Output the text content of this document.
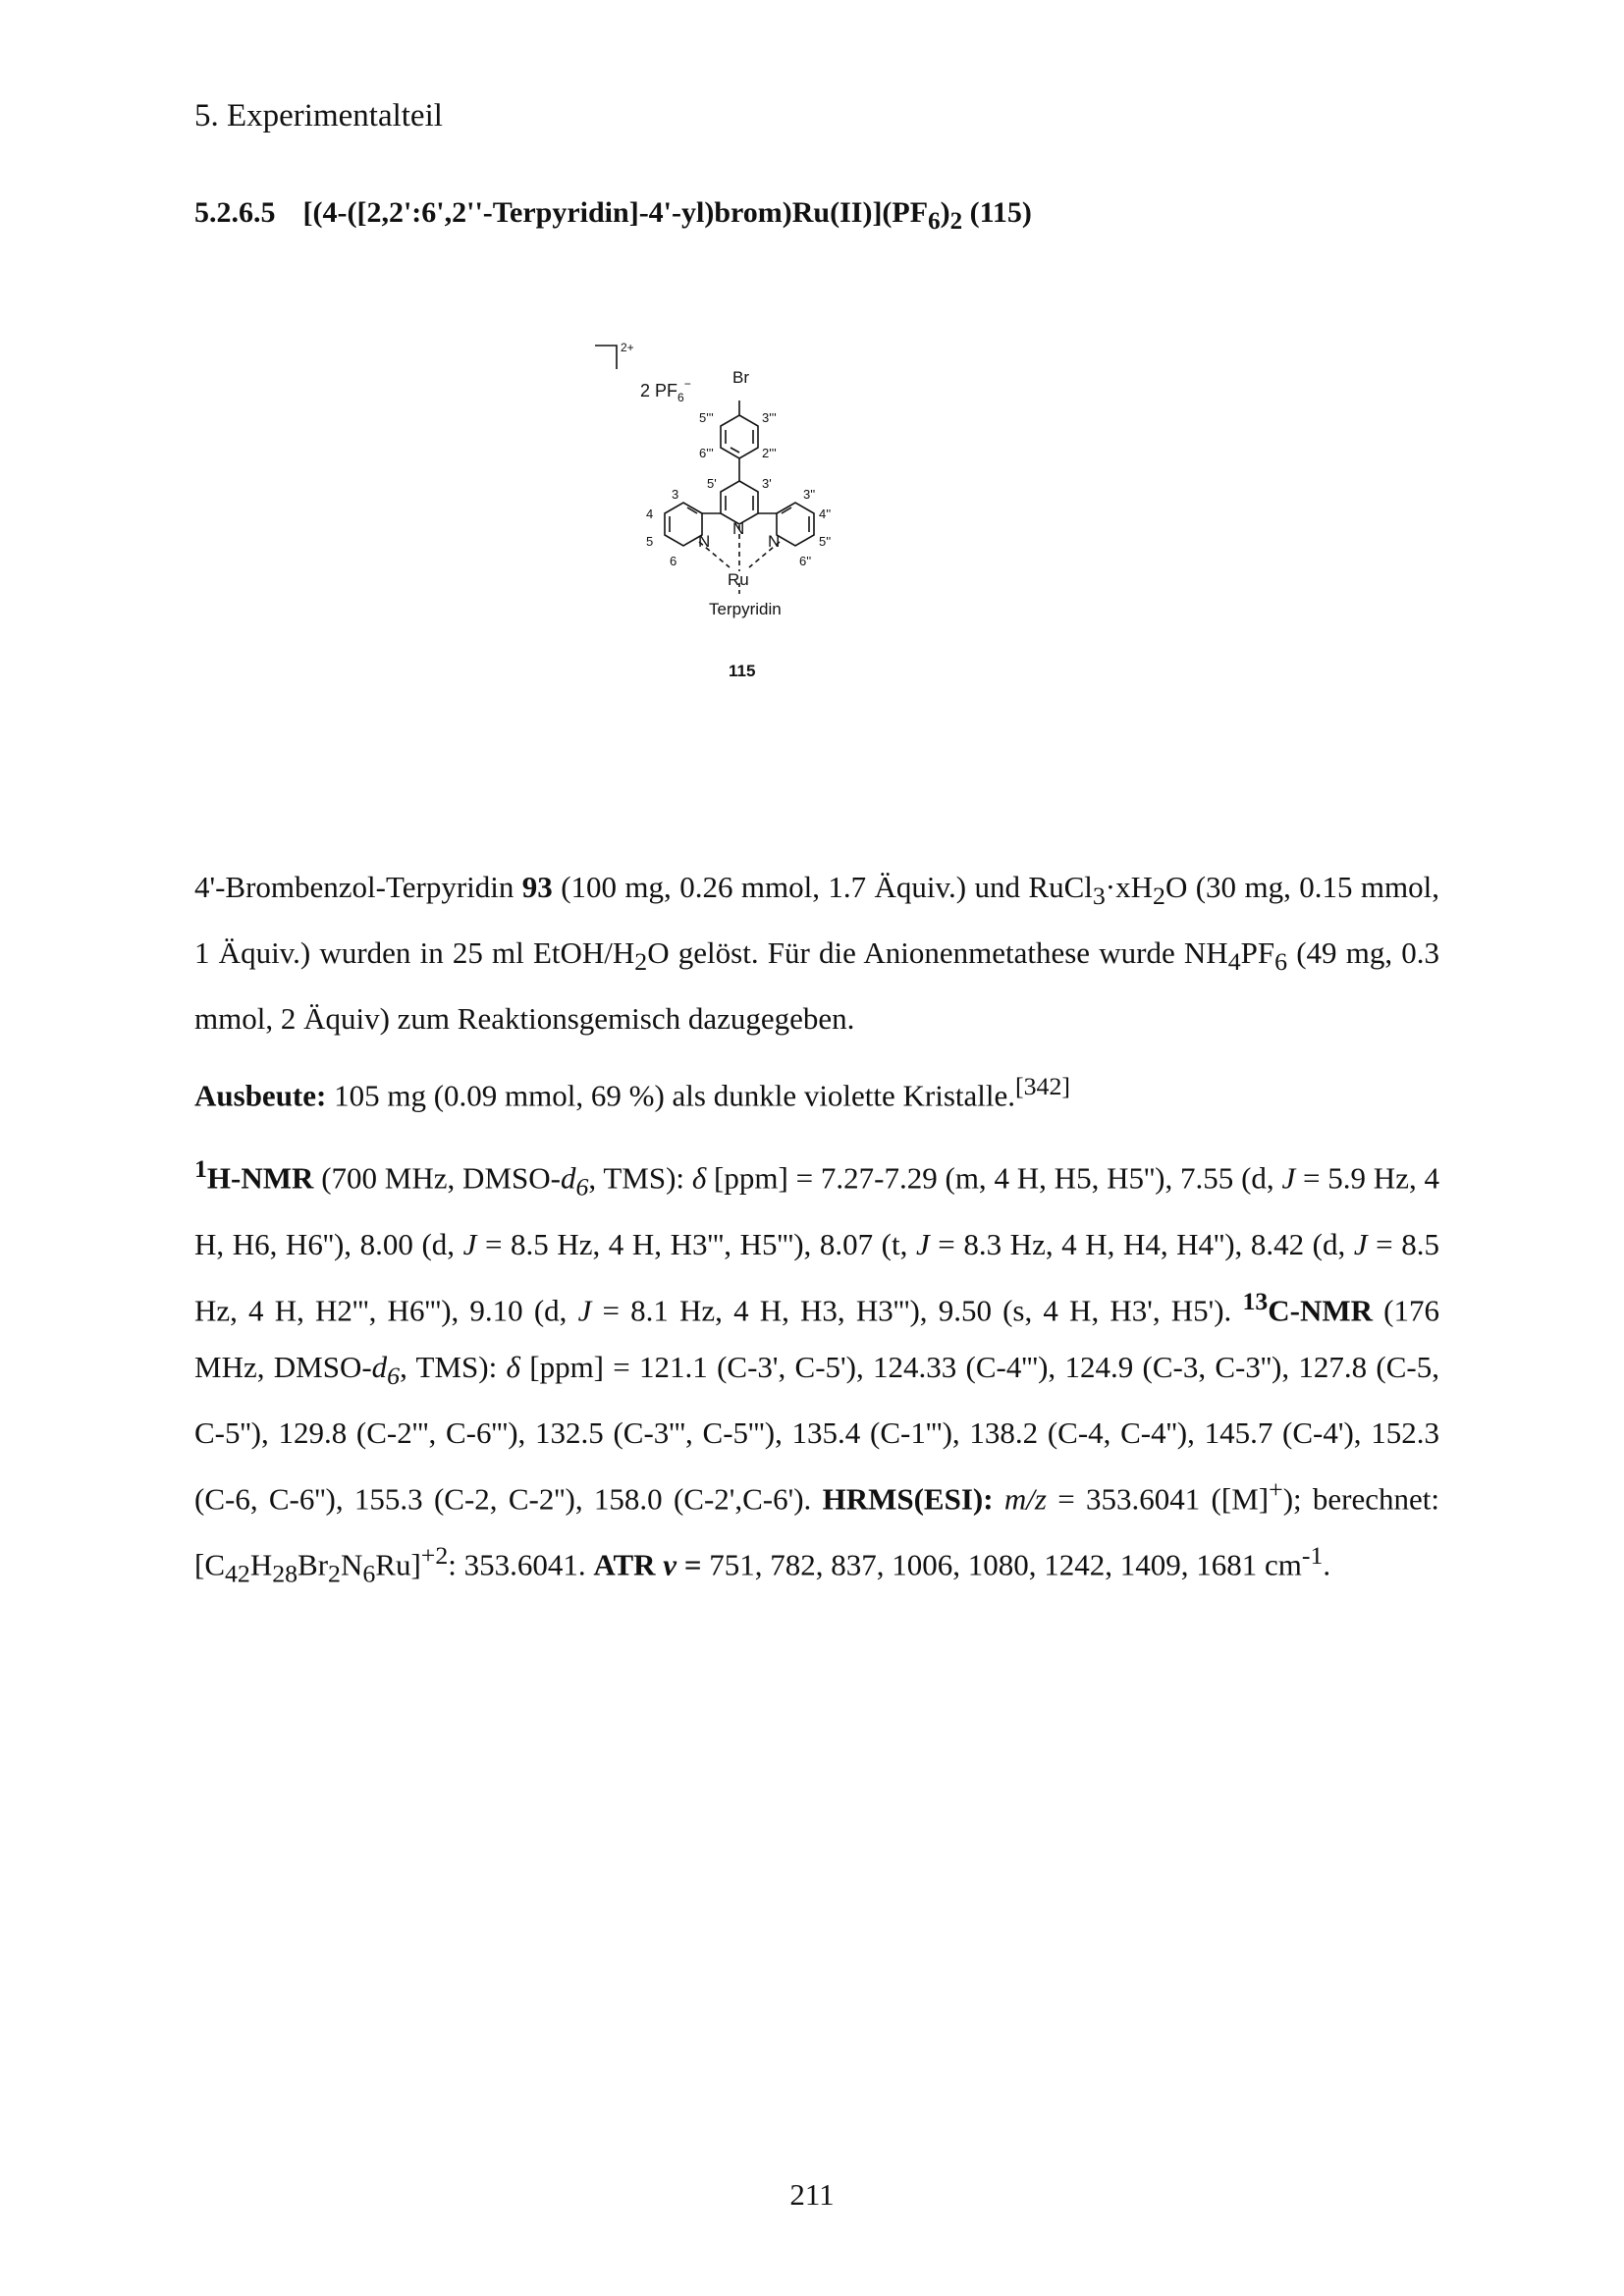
5. Experimentalteil
5.2.6.5 $[(4-([2,2':6',2''-Terpyridin]-4'-yl)brom)Ru(II)](PF_6)_2$ (115)
Br
2+
2 $PF_6^-$
5'''	3'''
6'''	2'''
5'	3'
3	3''
4	4''
5	5''
6	6''
N
N	N
Ru
Terpyridin
115
4'-Brombenzol-Terpyridin 93 (100 mg, 0.26 mmol, 1.7 Äquiv.) und $RuCl_3\cdot xH_2O$ (30 mg, 0.15 mmol, 1 Äquiv.) wurden in 25 ml EtOH/$H_2O$ gelöst. Für die Anionenmetathese wurde $NH_4PF_6$ (49 mg, 0.3 mmol, 2 Äquiv) zum Reaktionsgemisch dazugegeben.
Ausbeute: 105 mg (0.09 mmol, 69 %) als dunkle violette Kristalle.[342]
$^1$H-NMR (700 MHz, DMSO-$d_6$, TMS): δ [ppm] = 7.27-7.29 (m, 4 H, H5, H5''), 7.55 (d, J = 5.9 Hz, 4 H, H6, H6''), 8.00 (d, J = 8.5 Hz, 4 H, H3''', H5'''), 8.07 (t, J = 8.3 Hz, 4 H, H4, H4''), 8.42 (d, J = 8.5 Hz, 4 H, H2''', H6'''), 9.10 (d, J = 8.1 Hz, 4 H, H3, H3'''), 9.50 (s, 4 H, H3', H5'). $^{13}$C-NMR (176 MHz, DMSO-$d_6$, TMS): δ [ppm] = 121.1 (C-3', C-5'), 124.33 (C-4'''), 124.9 (C-3, C-3''), 127.8 (C-5, C-5''), 129.8 (C-2''', C-6'''), 132.5 (C-3''', C-5'''), 135.4 (C-1'''), 138.2 (C-4, C-4''), 145.7 (C-4'), 152.3 (C-6, C-6''), 155.3 (C-2, C-2''), 158.0 (C-2',C-6'). HRMS(ESI): m/z = 353.6041 ([M]+); berechnet: $[C_{42}H_{28}Br_2N_6Ru]^{+2}$: 353.6041. ATR ν = 751, 782, 837, 1006, 1080, 1242, 1409, 1681 $cm^{-1}$.
211
